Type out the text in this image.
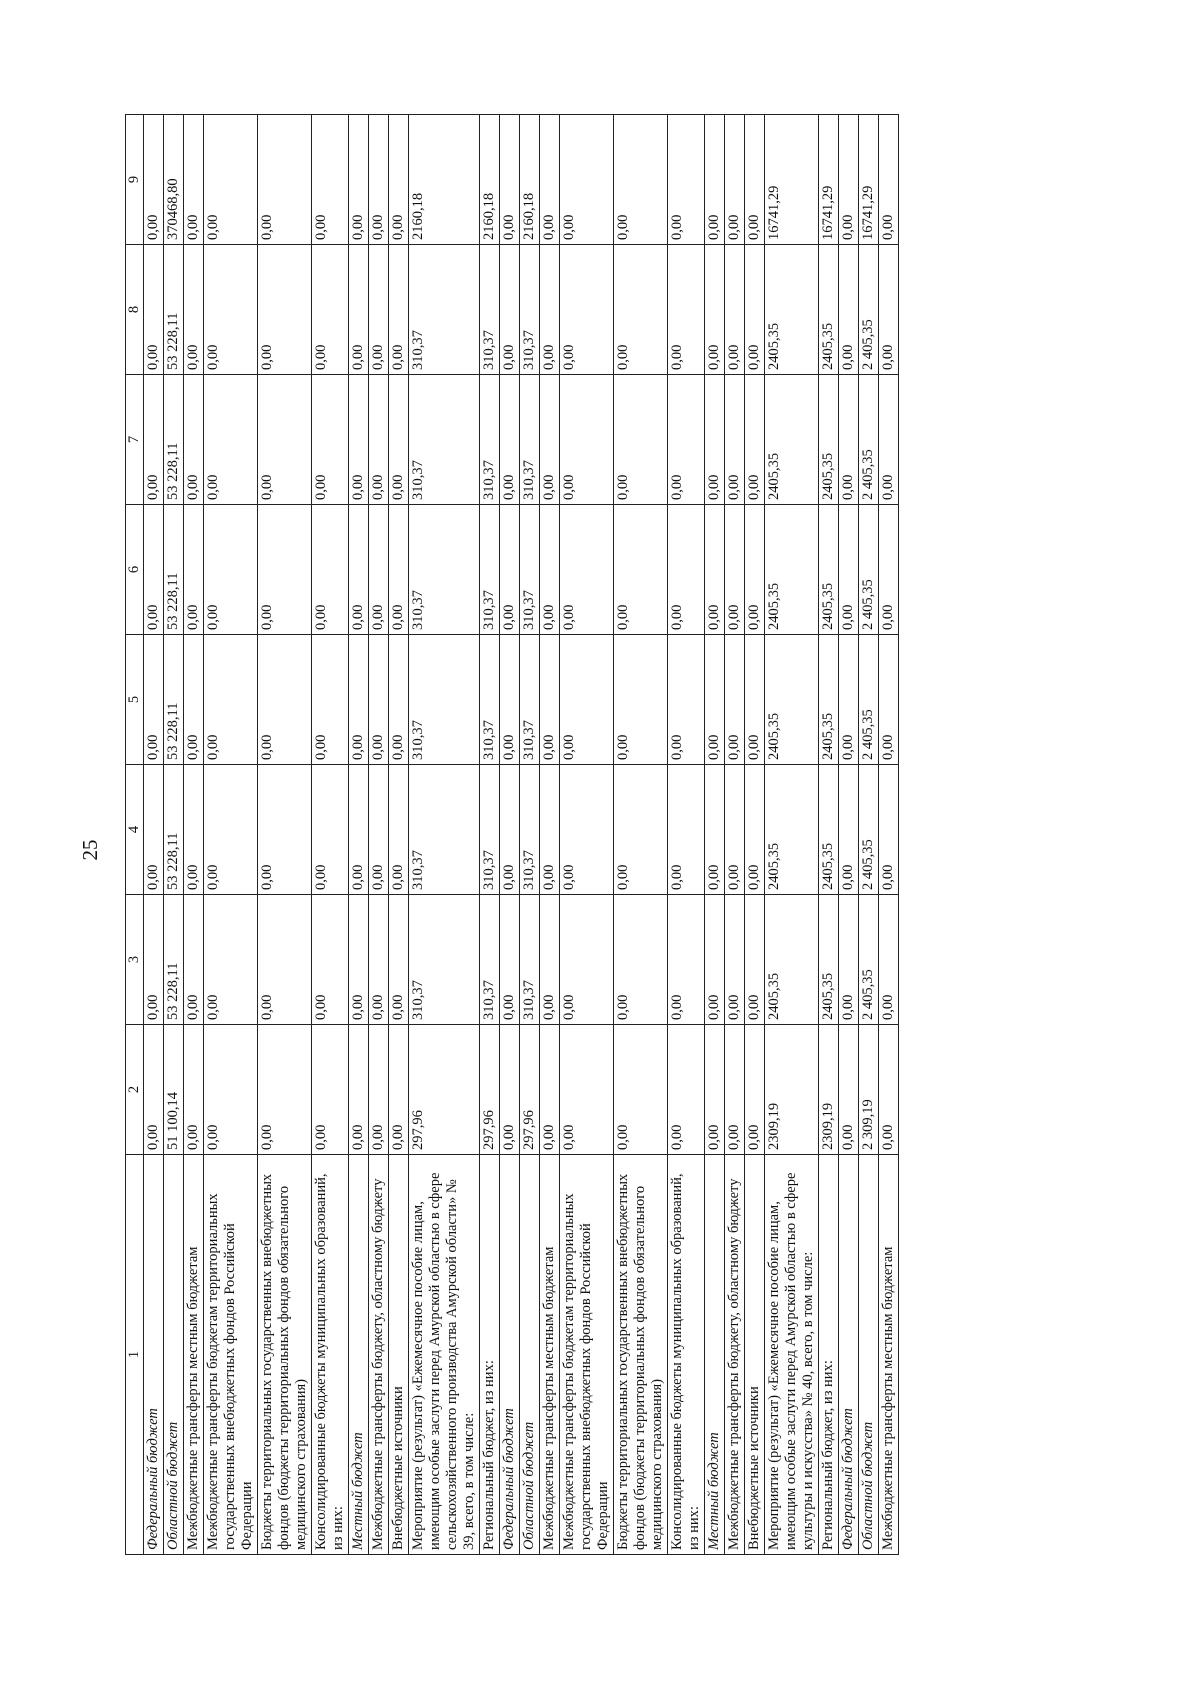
25
1	2	3	4	5	6	7	8	9
Федеральный бюджет	0,00	0,00	0,00	0,00	0,00	0,00	0,00	0,00
Областной бюджет	51 100,14	53 228,11	53 228,11	53 228,11	53 228,11	53 228,11	53 228,11	370468,80
Межбюджетные трансферты местным бюджетам	0,00	0,00	0,00	0,00	0,00	0,00	0,00	0,00
Межбюджетные трансферты бюджетам территориальных государственных внебюджетных фондов Российской Федерации	0,00	0,00	0,00	0,00	0,00	0,00	0,00	0,00
Бюджеты территориальных государственных внебюджетных фондов (бюджеты территориальных фондов обязательного медицинского страхования)	0,00	0,00	0,00	0,00	0,00	0,00	0,00	0,00
Консолидированные бюджеты муниципальных образований, из них:	0,00	0,00	0,00	0,00	0,00	0,00	0,00	0,00
Местный бюджет	0,00	0,00	0,00	0,00	0,00	0,00	0,00	0,00
Межбюджетные трансферты бюджету, областному бюджету	0,00	0,00	0,00	0,00	0,00	0,00	0,00	0,00
Внебюджетные источники	0,00	0,00	0,00	0,00	0,00	0,00	0,00	0,00
Мероприятие (результат) «Ежемесячное пособие лицам, имеющим особые заслуги перед Амурской областью в сфере сельскохозяйственного производства Амурской области» № 39, всего, в том числе:	297,96	310,37	310,37	310,37	310,37	310,37	310,37	2160,18
Региональный бюджет, из них:	297,96	310,37	310,37	310,37	310,37	310,37	310,37	2160,18
Федеральный бюджет	0,00	0,00	0,00	0,00	0,00	0,00	0,00	0,00
Областной бюджет	297,96	310,37	310,37	310,37	310,37	310,37	310,37	2160,18
Межбюджетные трансферты местным бюджетам	0,00	0,00	0,00	0,00	0,00	0,00	0,00	0,00
Межбюджетные трансферты бюджетам территориальных государственных внебюджетных фондов Российской Федерации	0,00	0,00	0,00	0,00	0,00	0,00	0,00	0,00
Бюджеты территориальных государственных внебюджетных фондов (бюджеты территориальных фондов обязательного медицинского страхования)	0,00	0,00	0,00	0,00	0,00	0,00	0,00	0,00
Консолидированные бюджеты муниципальных образований, из них:	0,00	0,00	0,00	0,00	0,00	0,00	0,00	0,00
Местный бюджет	0,00	0,00	0,00	0,00	0,00	0,00	0,00	0,00
Межбюджетные трансферты бюджету, областному бюджету	0,00	0,00	0,00	0,00	0,00	0,00	0,00	0,00
Внебюджетные источники	0,00	0,00	0,00	0,00	0,00	0,00	0,00	0,00
Мероприятие (результат) «Ежемесячное пособие лицам, имеющим особые заслуги перед Амурской областью в сфере культуры и искусства» № 40, всего, в том числе:	2309,19	2405,35	2405,35	2405,35	2405,35	2405,35	2405,35	16741,29
Региональный бюджет, из них:	2309,19	2405,35	2405,35	2405,35	2405,35	2405,35	2405,35	16741,29
Федеральный бюджет	0,00	0,00	0,00	0,00	0,00	0,00	0,00	0,00
Областной бюджет	2 309,19	2 405,35	2 405,35	2 405,35	2 405,35	2 405,35	2 405,35	16741,29
Межбюджетные трансферты местным бюджетам	0,00	0,00	0,00	0,00	0,00	0,00	0,00	0,00
